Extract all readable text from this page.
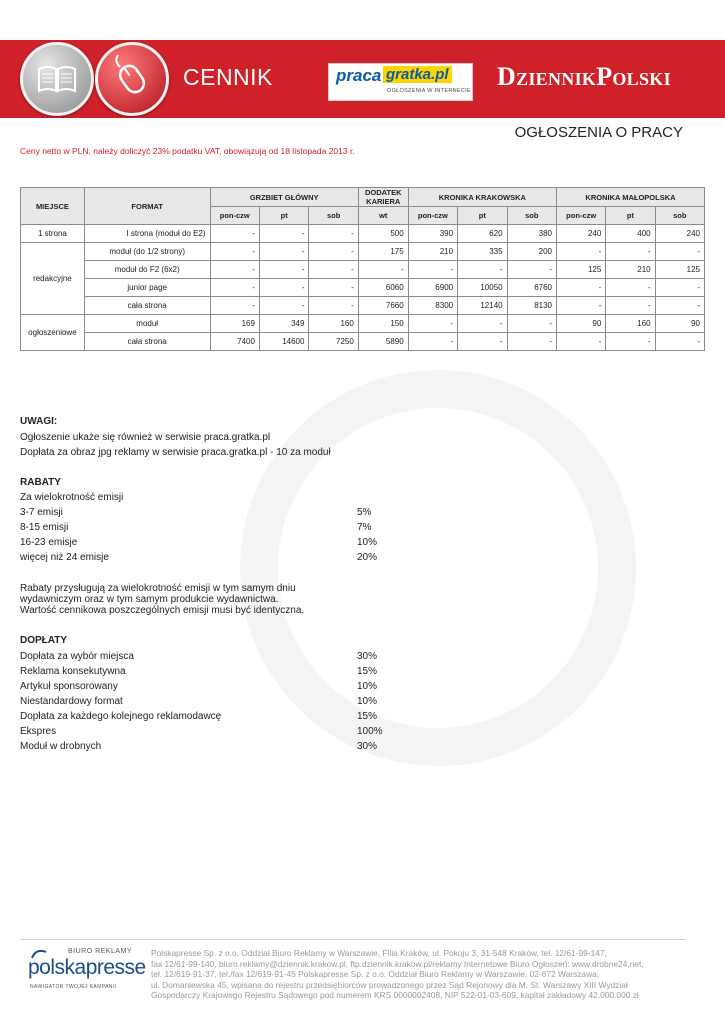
CENNIK	praca gratka.pl
OGŁOSZENIA W INTERNECIE DziennikPolski
OGŁOSZENIA O PRACY
Ceny netto w PLN, należy doliczyć 23% podatku VAT, obowiązują od 18 listopada 2013 r.
MIEJSCE	FORMAT	GRZBIET GŁÓWNY			DODATEK KARIERA	KRONIKA KRAKOWSKA			KRONIKA MAŁOPOLSKA		
		pon-czw	pt	sob	wt	pon-czw	pt	sob	pon-czw	pt	sob
1 strona	I strona (moduł do E2)	-	-	-	500	390	620	380	240	400	240
redakcyjne	moduł (do 1/2 strony)	-	-	-	175	210	335	200	-	-	-
	moduł do F2 (6x2)	-	-	-	-	-	-	-	125	210	125
	junior page	-	-	-	6060	6900	10050	6760	-	-	-
	cała strona	-	-	-	7660	8300	12140	8130	-	-	-
ogłoszeniowe	moduł	169	349	160	150	-	-	-	90	160	90
	cała strona	7400	14600	7250	5890	-	-	-	-	-	-
UWAGI:
Ogłoszenie ukaże się również w serwisie praca.gratka.pl
Dopłata za obraz jpg reklamy w serwisie praca.gratka.pl - 10 za moduł
RABATY
Za wielokrotność emisji
3-7 emisji	5%
8-15 emisji	7%
16-23 emisje	10%
więcej niż 24 emisje	20%
Rabaty przysługują za wielokrotność emisji w tym samym dniu
wydawniczym oraz w tym samym produkcie wydawnictwa.
Wartość cennikowa poszczególnych emisji musi być identyczna.
DOPŁATY
Dopłata za wybór miejsca	30%
Reklama konsekutywna	15%
Artykuł sponsorowany	10%
Niestandardowy format	10%
Dopłata za każdego kolejnego reklamodawcę	15%
Ekspres	100%
Moduł w drobnych	30%
BIURO REKLAMY
polskapresse
NAWIGATOR TWOJEJ KAMPANII
Polskapresse Sp. z o.o. Oddział Biuro Reklamy w Warszawie, Filia Kraków, ul. Pokoju 3, 31-548 Kraków, tel. 12/61-99-147,
fax 12/61-99-140, biuro.reklamy@dziennik.krakow.pl, ftp.dziennik.krakow.pl/reklamy Internetowe Biuro Ogłoszeń: www.drobne24.net,
tel. 12/619-91-37, tel./fax 12/619-91-45 Polskapresse Sp. z o.o. Oddział Biuro Reklamy w Warszawie, 02-672 Warszawa,
ul. Domaniewska 45, wpisana do rejestru przedsiębiorców prowadzonego przez Sąd Rejonowy dla M. St. Warszawy XIII Wydział
Gospodarczy Krajowego Rejestru Sądowego pod numerem KRS 0000002408, NIP 522-01-03-609, kapitał zakładowy 42.000.000 zł
